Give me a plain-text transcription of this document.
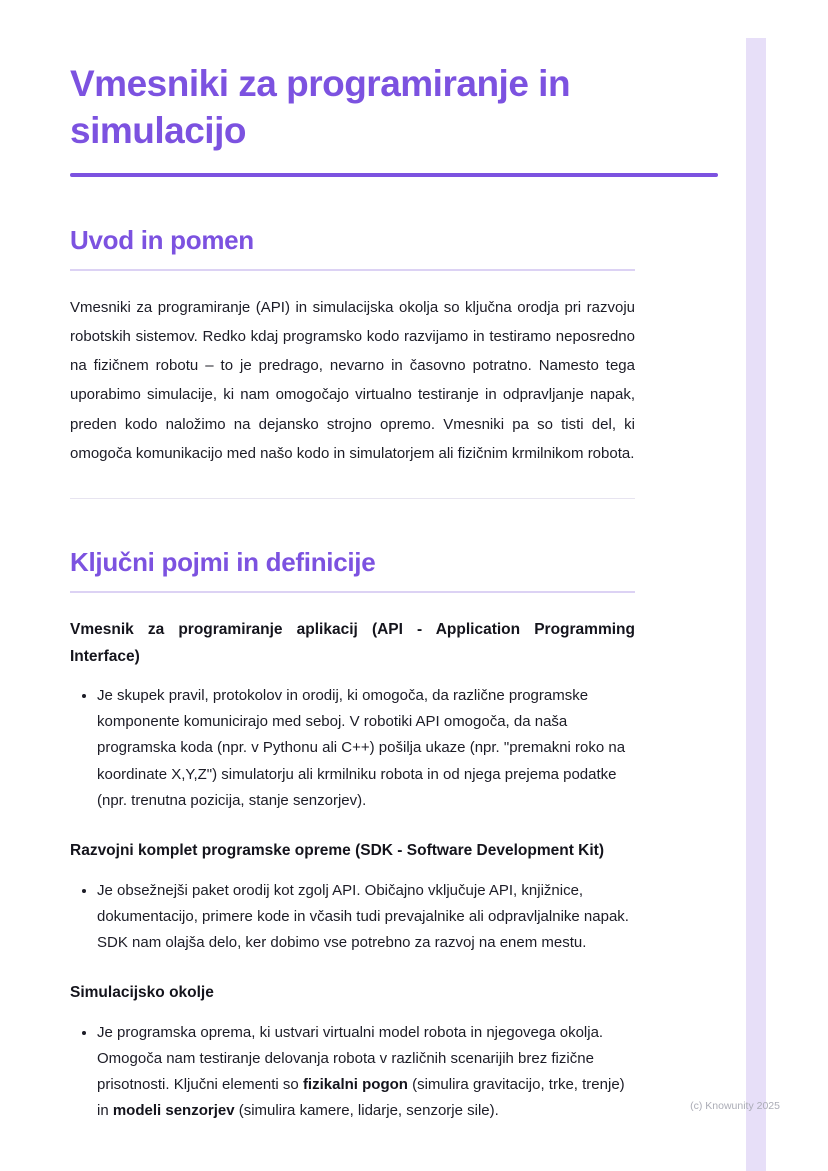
Vmesniki za programiranje in simulacijo
Uvod in pomen

Vmesniki za programiranje (API) in simulacijska okolja so ključna orodja pri razvoju robotskih sistemov. Redko kdaj programsko kodo razvijamo in testiramo neposredno na fizičnem robotu – to je predrago, nevarno in časovno potratno. Namesto tega uporabimo simulacije, ki nam omogočajo virtualno testiranje in odpravljanje napak, preden kodo naložimo na dejansko strojno opremo. Vmesniki pa so tisti del, ki omogoča komunikacijo med našo kodo in simulatorjem ali fizičnim krmilnikom robota.

Ključni pojmi in definicije
Vmesnik za programiranje aplikacij (API - Application Programming Interface)
• Je skupek pravil, protokolov in orodij, ki omogoča, da različne programske komponente komunicirajo med seboj. V robotiki API omogoča, da naša programska koda (npr. v Pythonu ali C++) pošilja ukaze (npr. "premakni roko na koordinate X,Y,Z") simulatorju ali krmilniku robota in od njega prejema podatke (npr. trenutna pozicija, stanje senzorjev).
Razvojni komplet programske opreme (SDK - Software Development Kit)
• Je obsežnejši paket orodij kot zgolj API. Običajno vključuje API, knjižnice, dokumentacijo, primere kode in včasih tudi prevajalnike ali odpravljalnike napak. SDK nam olajša delo, ker dobimo vse potrebno za razvoj na enem mestu.
Simulacijsko okolje
• Je programska oprema, ki ustvari virtualni model robota in njegovega okolja. Omogoča nam testiranje delovanja robota v različnih scenarijih brez fizične prisotnosti. Ključni elementi so fizikalni pogon (simulira gravitacijo, trke, trenje) in modeli senzorjev (simulira kamere, lidarje, senzorje sile).	(c) Knowunity 2025
